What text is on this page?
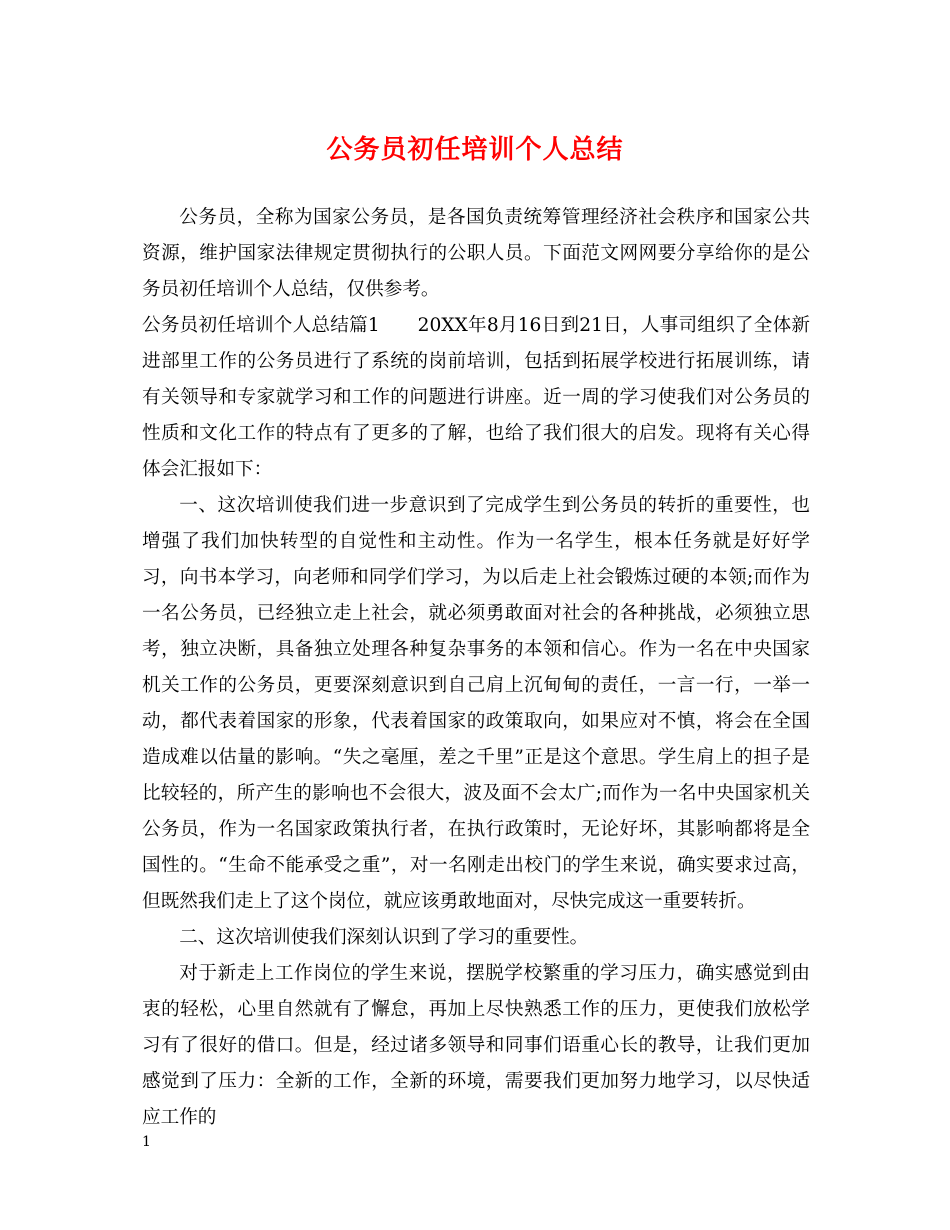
公务员初任培训个人总结

公务员，全称为国家公务员，是各国负责统筹管理经济社会秩序和国家公共资源，维护国家法律规定贯彻执行的公职人员。下面范文网网要分享给你的是公务员初任培训个人总结，仅供参考。

公务员初任培训个人总结篇1　　20XX年8月16日到21日，人事司组织了全体新进部里工作的公务员进行了系统的岗前培训，包括到拓展学校进行拓展训练，请有关领导和专家就学习和工作的问题进行讲座。近一周的学习使我们对公务员的性质和文化工作的特点有了更多的了解，也给了我们很大的启发。现将有关心得体会汇报如下：

一、这次培训使我们进一步意识到了完成学生到公务员的转折的重要性，也增强了我们加快转型的自觉性和主动性。作为一名学生，根本任务就是好好学习，向书本学习，向老师和同学们学习，为以后走上社会锻炼过硬的本领;而作为一名公务员，已经独立走上社会，就必须勇敢面对社会的各种挑战，必须独立思考，独立决断，具备独立处理各种复杂事务的本领和信心。作为一名在中央国家机关工作的公务员，更要深刻意识到自己肩上沉甸甸的责任，一言一行，一举一动，都代表着国家的形象，代表着国家的政策取向，如果应对不慎，将会在全国造成难以估量的影响。“失之毫厘，差之千里”正是这个意思。学生肩上的担子是比较轻的，所产生的影响也不会很大，波及面不会太广;而作为一名中央国家机关公务员，作为一名国家政策执行者，在执行政策时，无论好坏，其影响都将是全国性的。“生命不能承受之重”，对一名刚走出校门的学生来说，确实要求过高，但既然我们走上了这个岗位，就应该勇敢地面对，尽快完成这一重要转折。

二、这次培训使我们深刻认识到了学习的重要性。

对于新走上工作岗位的学生来说，摆脱学校繁重的学习压力，确实感觉到由衷的轻松，心里自然就有了懈怠，再加上尽快熟悉工作的压力，更使我们放松学习有了很好的借口。但是，经过诸多领导和同事们语重心长的教导，让我们更加感觉到了压力：全新的工作，全新的环境，需要我们更加努力地学习，以尽快适应工作的

1
